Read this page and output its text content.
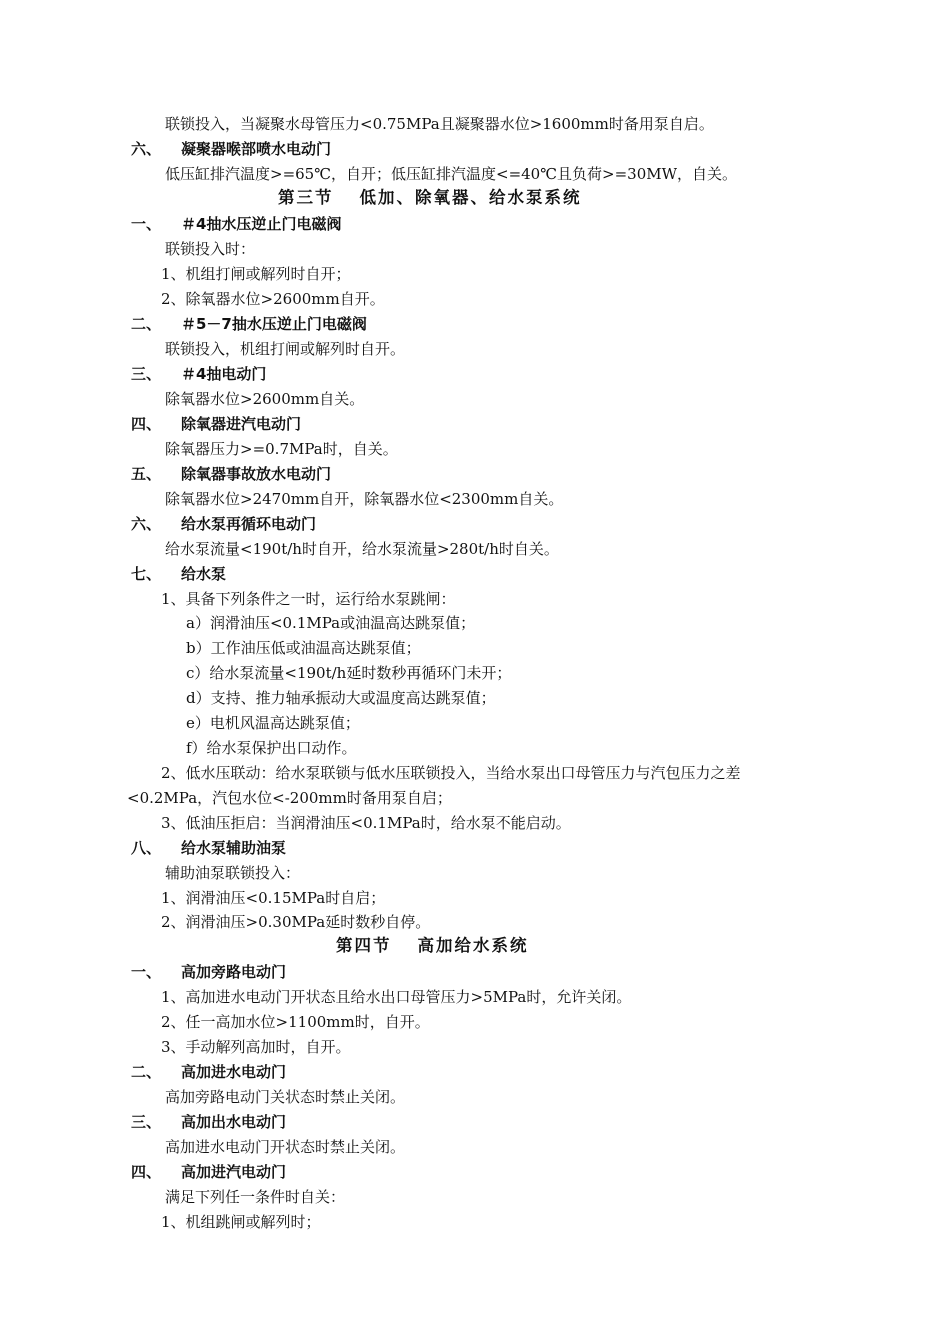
联锁投入，当凝聚水母管压力<0.75MPa且凝聚器水位>1600mm时备用泵自启。
六、 凝聚器喉部喷水电动门
低压缸排汽温度>=65℃，自开；低压缸排汽温度<=40℃且负荷>=30MW，自关。
第三节 低加、除氧器、给水泵系统
一、 ＃4抽水压逆止门电磁阀
联锁投入时：
1、机组打闸或解列时自开；
2、除氧器水位>2600mm自开。
二、 ＃5－7抽水压逆止门电磁阀
联锁投入，机组打闸或解列时自开。
三、 ＃4抽电动门
除氧器水位>2600mm自关。
四、 除氧器进汽电动门
除氧器压力>=0.7MPa时，自关。
五、 除氧器事故放水电动门
除氧器水位>2470mm自开，除氧器水位<2300mm自关。
六、 给水泵再循环电动门
给水泵流量<190t/h时自开，给水泵流量>280t/h时自关。
七、 给水泵
1、具备下列条件之一时，运行给水泵跳闸：
a）润滑油压<0.1MPa或油温高达跳泵值；
b）工作油压低或油温高达跳泵值；
c）给水泵流量<190t/h延时数秒再循环门未开；
d）支持、推力轴承振动大或温度高达跳泵值；
e）电机风温高达跳泵值；
f）给水泵保护出口动作。
2、低水压联动：给水泵联锁与低水压联锁投入，当给水泵出口母管压力与汽包压力之差
<0.2MPa，汽包水位<-200mm时备用泵自启；
3、低油压拒启：当润滑油压<0.1MPa时，给水泵不能启动。
八、 给水泵辅助油泵
辅助油泵联锁投入：
1、润滑油压<0.15MPa时自启；
2、润滑油压>0.30MPa延时数秒自停。
第四节 高加给水系统
一、 高加旁路电动门
1、高加进水电动门开状态且给水出口母管压力>5MPa时，允许关闭。
2、任一高加水位>1100mm时，自开。
3、手动解列高加时，自开。
二、 高加进水电动门
高加旁路电动门关状态时禁止关闭。
三、 高加出水电动门
高加进水电动门开状态时禁止关闭。
四、 高加进汽电动门
满足下列任一条件时自关：
1、机组跳闸或解列时；
